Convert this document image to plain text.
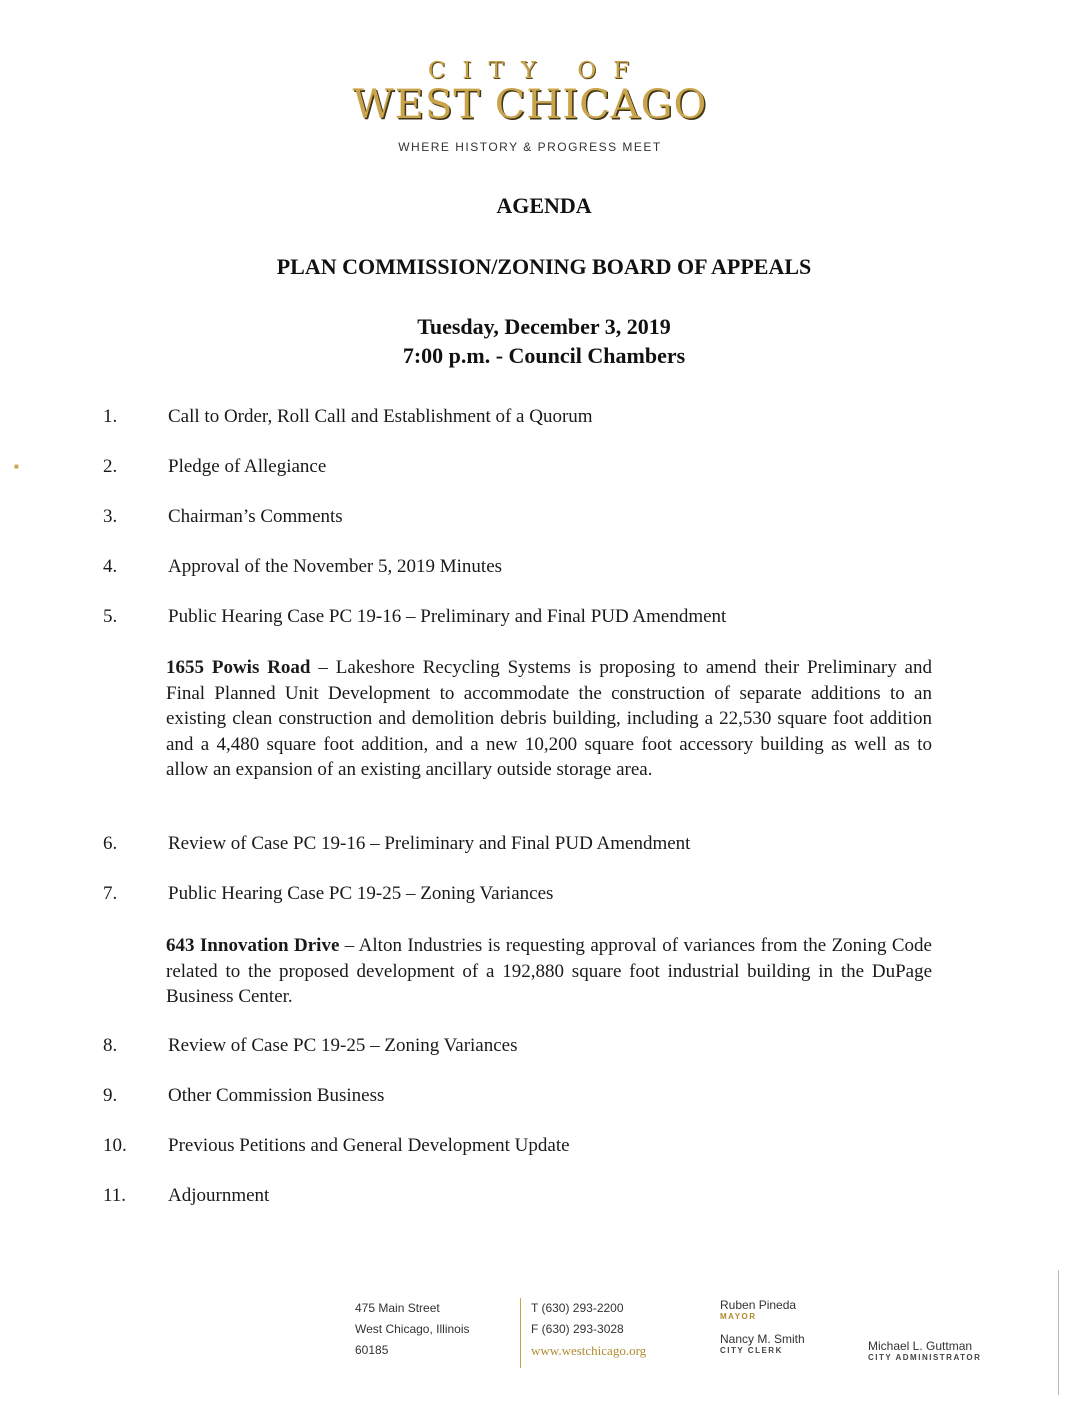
CITY OF
WEST CHICAGO
WHERE HISTORY & PROGRESS MEET
AGENDA
PLAN COMMISSION/ZONING BOARD OF APPEALS
Tuesday, December 3, 2019
7:00 p.m. - Council Chambers
■
1.	Call to Order, Roll Call and Establishment of a Quorum
2.	Pledge of Allegiance
3.	Chairman’s Comments
4.	Approval of the November 5, 2019 Minutes
5.	Public Hearing Case PC 19-16 – Preliminary and Final PUD Amendment
1655 Powis Road – Lakeshore Recycling Systems is proposing to amend their Preliminary and Final Planned Unit Development to accommodate the construction of separate additions to an existing clean construction and demolition debris building, including a 22,530 square foot addition and a 4,480 square foot addition, and a new 10,200 square foot accessory building as well as to allow an expansion of an existing ancillary outside storage area.
6.	Review of Case PC 19-16 – Preliminary and Final PUD Amendment
7.	Public Hearing Case PC 19-25 – Zoning Variances
643 Innovation Drive – Alton Industries is requesting approval of variances from the Zoning Code related to the proposed development of a 192,880 square foot industrial building in the DuPage Business Center.
8.	Review of Case PC 19-25 – Zoning Variances
9.	Other Commission Business
10.	Previous Petitions and General Development Update
11.	Adjournment
475 Main Street
West Chicago, Illinois
60185
T (630) 293-2200
F (630) 293-3028
www.westchicago.org
Ruben Pineda
MAYOR
Nancy M. Smith
CITY CLERK	Michael L. Guttman
CITY ADMINISTRATOR
